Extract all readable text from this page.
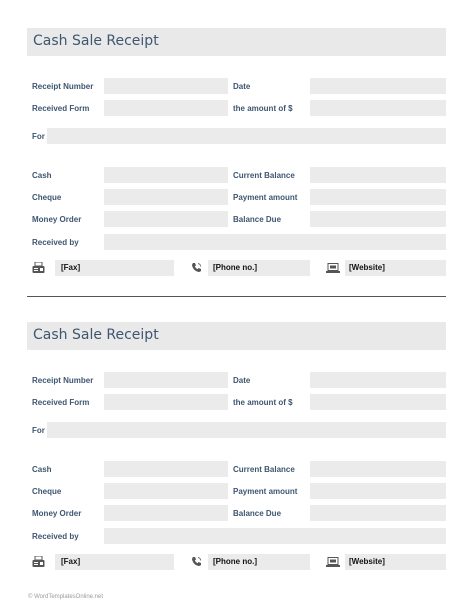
Cash Sale Receipt
Receipt Number	Date
Received Form	the amount of $
For
Cash	Current Balance
Cheque	Payment amount
Money Order	Balance Due
Received by
[Fax]	[Phone no.]	[Website]
Cash Sale Receipt
Receipt Number	Date
Received Form	the amount of $
For
Cash	Current Balance
Cheque	Payment amount
Money Order	Balance Due
Received by
[Fax]	[Phone no.]	[Website]
© WordTemplatesOnline.net
